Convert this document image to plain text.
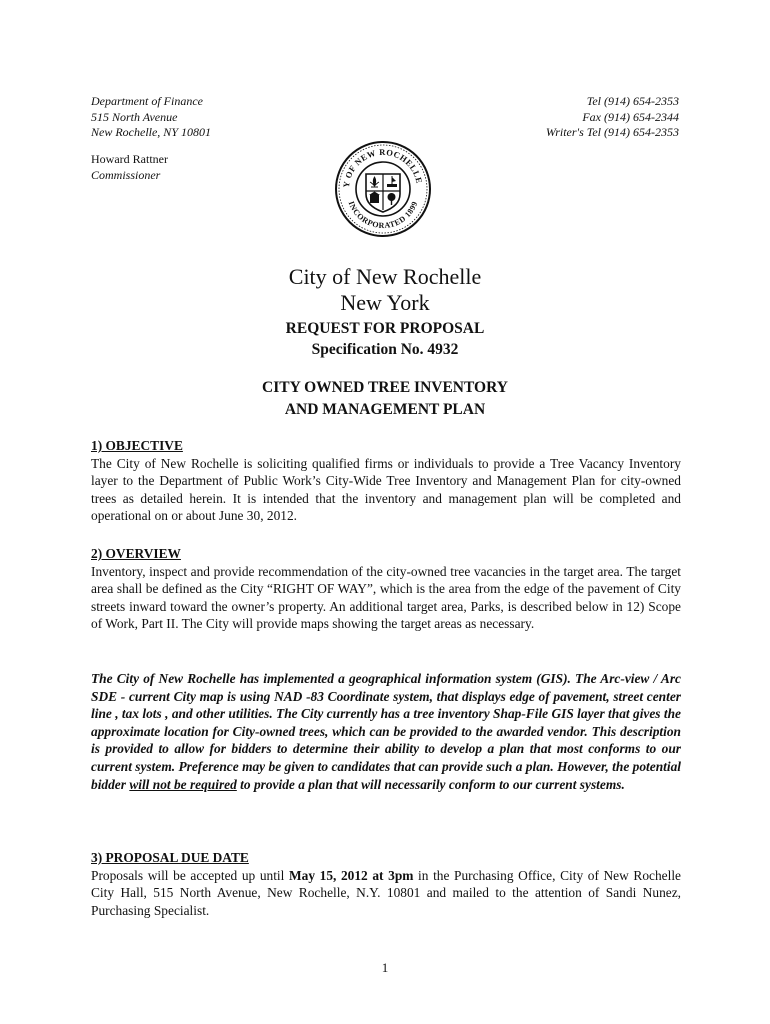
Department of Finance
515 North Avenue
New Rochelle, NY 10801
Tel (914) 654-2353
Fax (914) 654-2344
Writer's Tel (914) 654-2353
Howard Rattner
Commissioner
Y OF NEW ROCHELLE
INCORPORATED 1899
City of New Rochelle
New York
REQUEST FOR PROPOSAL
Specification No. 4932
CITY OWNED TREE INVENTORY
AND MANAGEMENT PLAN
1) OBJECTIVE
The City of New Rochelle is soliciting qualified firms or individuals to provide a Tree Vacancy Inventory layer to the Department of Public Work’s City-Wide Tree Inventory and Management Plan for city-owned trees as detailed herein. It is intended that the inventory and management plan will be completed and operational on or about June 30, 2012.
2) OVERVIEW
Inventory, inspect and provide recommendation of the city-owned tree vacancies in the target area. The target area shall be defined as the City “RIGHT OF WAY”, which is the area from the edge of the pavement of City streets inward toward the owner’s property. An additional target area, Parks, is described below in 12) Scope of Work, Part II. The City will provide maps showing the target areas as necessary.
The City of New Rochelle has implemented a geographical information system (GIS). The Arc-view / Arc SDE - current City map is using NAD -83 Coordinate system, that displays edge of pavement, street center line , tax lots , and other utilities. The City currently has a tree inventory Shap-File GIS layer that gives the approximate location for City-owned trees, which can be provided to the awarded vendor. This description is provided to allow for bidders to determine their ability to develop a plan that most conforms to our current system. Preference may be given to candidates that can provide such a plan. However, the potential bidder will not be required to provide a plan that will necessarily conform to our current systems.
3) PROPOSAL DUE DATE
Proposals will be accepted up until May 15, 2012 at 3pm in the Purchasing Office, City of New Rochelle City Hall, 515 North Avenue, New Rochelle, N.Y. 10801 and mailed to the attention of Sandi Nunez, Purchasing Specialist.
1
